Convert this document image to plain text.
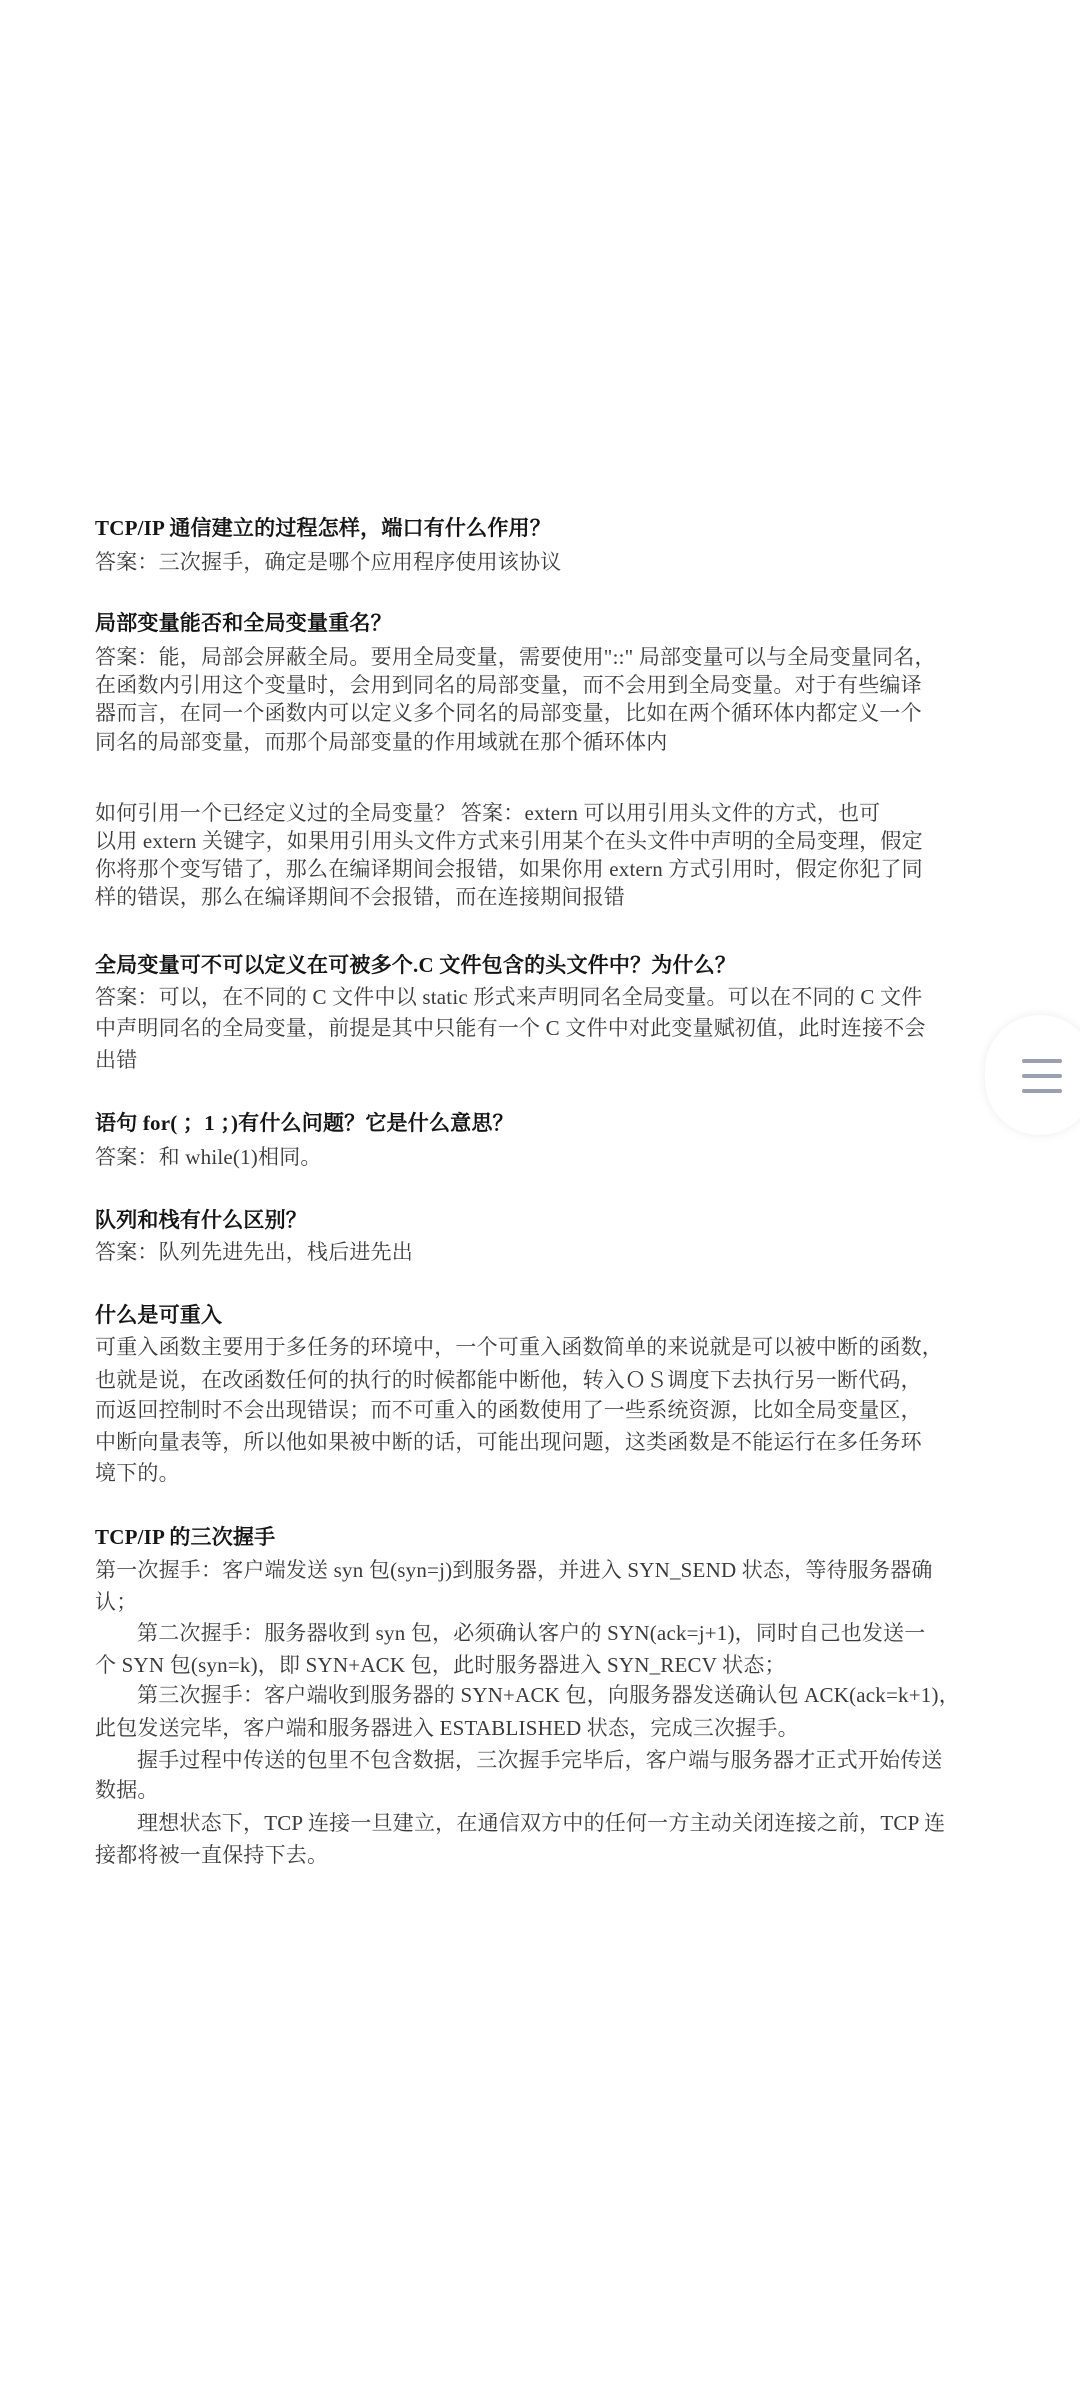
TCP/IP 通信建立的过程怎样，端口有什么作用？
答案：三次握手，确定是哪个应用程序使用该协议
局部变量能否和全局变量重名？
答案：能，局部会屏蔽全局。要用全局变量，需要使用"::" 局部变量可以与全局变量同名，
在函数内引用这个变量时，会用到同名的局部变量，而不会用到全局变量。对于有些编译
器而言，在同一个函数内可以定义多个同名的局部变量，比如在两个循环体内都定义一个
同名的局部变量，而那个局部变量的作用域就在那个循环体内
如何引用一个已经定义过的全局变量？ 答案：extern 可以用引用头文件的方式，也可
以用 extern 关键字，如果用引用头文件方式来引用某个在头文件中声明的全局变理，假定
你将那个变写错了，那么在编译期间会报错，如果你用 extern 方式引用时，假定你犯了同
样的错误，那么在编译期间不会报错，而在连接期间报错
全局变量可不可以定义在可被多个.C 文件包含的头文件中？为什么？
答案：可以，在不同的 C 文件中以 static 形式来声明同名全局变量。可以在不同的 C 文件
中声明同名的全局变量，前提是其中只能有一个 C 文件中对此变量赋初值，此时连接不会
出错
语句 for( ；1 ；)有什么问题？它是什么意思？
答案：和 while(1)相同。
队列和栈有什么区别？
答案：队列先进先出，栈后进先出
什么是可重入
可重入函数主要用于多任务的环境中，一个可重入函数简单的来说就是可以被中断的函数，
也就是说，在改函数任何的执行的时候都能中断他，转入ＯＳ调度下去执行另一断代码，
而返回控制时不会出现错误；而不可重入的函数使用了一些系统资源，比如全局变量区，
中断向量表等，所以他如果被中断的话，可能出现问题，这类函数是不能运行在多任务环
境下的。
TCP/IP 的三次握手
第一次握手：客户端发送 syn 包(syn=j)到服务器，并进入 SYN_SEND 状态，等待服务器确
认；
第二次握手：服务器收到 syn 包，必须确认客户的 SYN(ack=j+1)，同时自己也发送一
个 SYN 包(syn=k)，即 SYN+ACK 包，此时服务器进入 SYN_RECV 状态；
第三次握手：客户端收到服务器的 SYN+ACK 包，向服务器发送确认包 ACK(ack=k+1)，
此包发送完毕，客户端和服务器进入 ESTABLISHED 状态，完成三次握手。
握手过程中传送的包里不包含数据，三次握手完毕后，客户端与服务器才正式开始传送
数据。
理想状态下，TCP 连接一旦建立，在通信双方中的任何一方主动关闭连接之前，TCP 连
接都将被一直保持下去。
